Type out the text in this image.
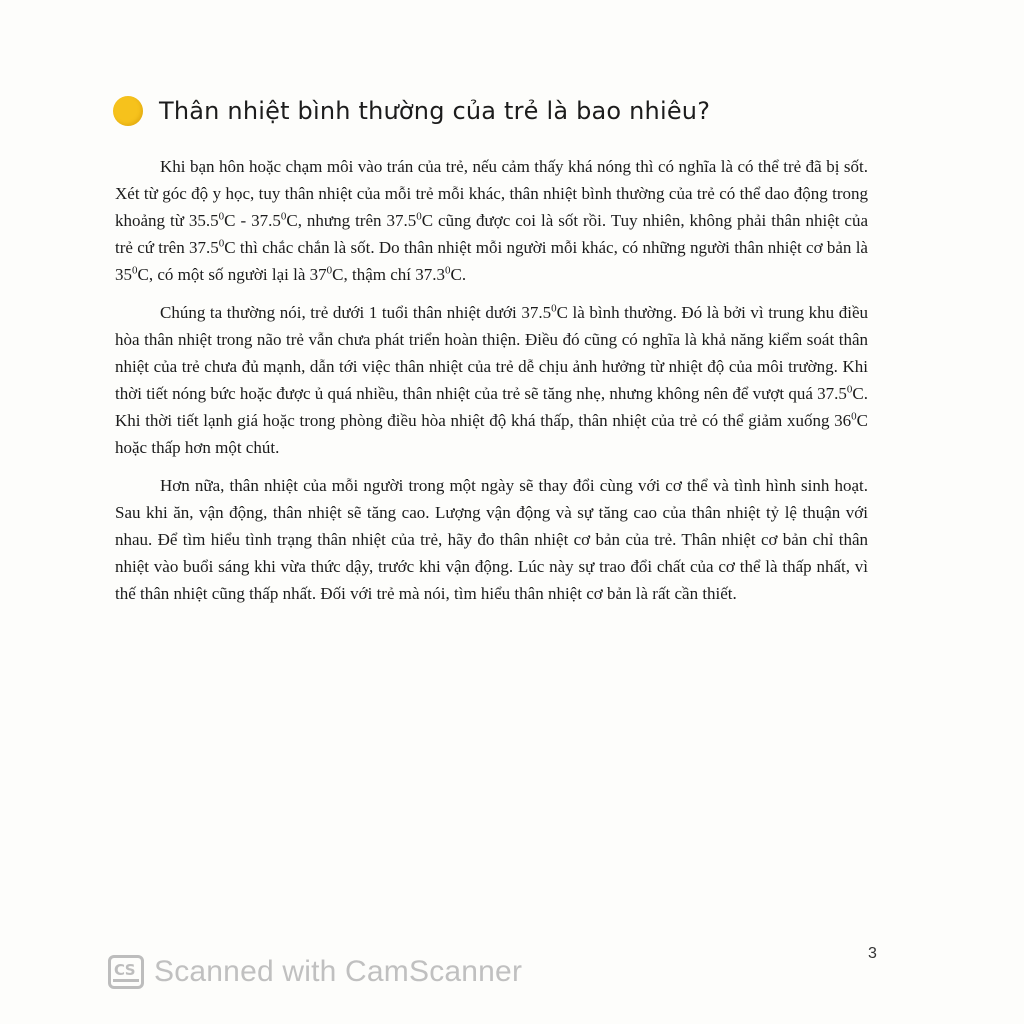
Thân nhiệt bình thường của trẻ là bao nhiêu?

Khi bạn hôn hoặc chạm môi vào trán của trẻ, nếu cảm thấy khá nóng thì có nghĩa là có thể trẻ đã bị sốt. Xét từ góc độ y học, tuy thân nhiệt của mỗi trẻ mỗi khác, thân nhiệt bình thường của trẻ có thể dao động trong khoảng từ 35.5$^0$C - 37.5$^0$C, nhưng trên 37.5$^0$C cũng được coi là sốt rồi. Tuy nhiên, không phải thân nhiệt của trẻ cứ trên 37.5$^0$C thì chắc chắn là sốt. Do thân nhiệt mỗi người mỗi khác, có những người thân nhiệt cơ bản là $35^0C$, có một số người lại là $37^0C$, thậm chí 37.3$^0$C.

Chúng ta thường nói, trẻ dưới 1 tuổi thân nhiệt dưới 37.5$^0$C là bình thường. Đó là bởi vì trung khu điều hòa thân nhiệt trong não trẻ vẫn chưa phát triển hoàn thiện. Điều đó cũng có nghĩa là khả năng kiểm soát thân nhiệt của trẻ chưa đủ mạnh, dẫn tới việc thân nhiệt của trẻ dễ chịu ảnh hưởng từ nhiệt độ của môi trường. Khi thời tiết nóng bức hoặc được ủ quá nhiều, thân nhiệt của trẻ sẽ tăng nhẹ, nhưng không nên để vượt quá 37.5$^0$C. Khi thời tiết lạnh giá hoặc trong phòng điều hòa nhiệt độ khá thấp, thân nhiệt của trẻ có thể giảm xuống $36^0C$ hoặc thấp hơn một chút.

Hơn nữa, thân nhiệt của mỗi người trong một ngày sẽ thay đổi cùng với cơ thể và tình hình sinh hoạt. Sau khi ăn, vận động, thân nhiệt sẽ tăng cao. Lượng vận động và sự tăng cao của thân nhiệt tỷ lệ thuận với nhau. Để tìm hiểu tình trạng thân nhiệt của trẻ, hãy đo thân nhiệt cơ bản của trẻ. Thân nhiệt cơ bản chỉ thân nhiệt vào buổi sáng khi vừa thức dậy, trước khi vận động. Lúc này sự trao đổi chất của cơ thể là thấp nhất, vì thế thân nhiệt cũng thấp nhất. Đối với trẻ mà nói, tìm hiểu thân nhiệt cơ bản là rất cần thiết.

3
CS Scanned with CamScanner
